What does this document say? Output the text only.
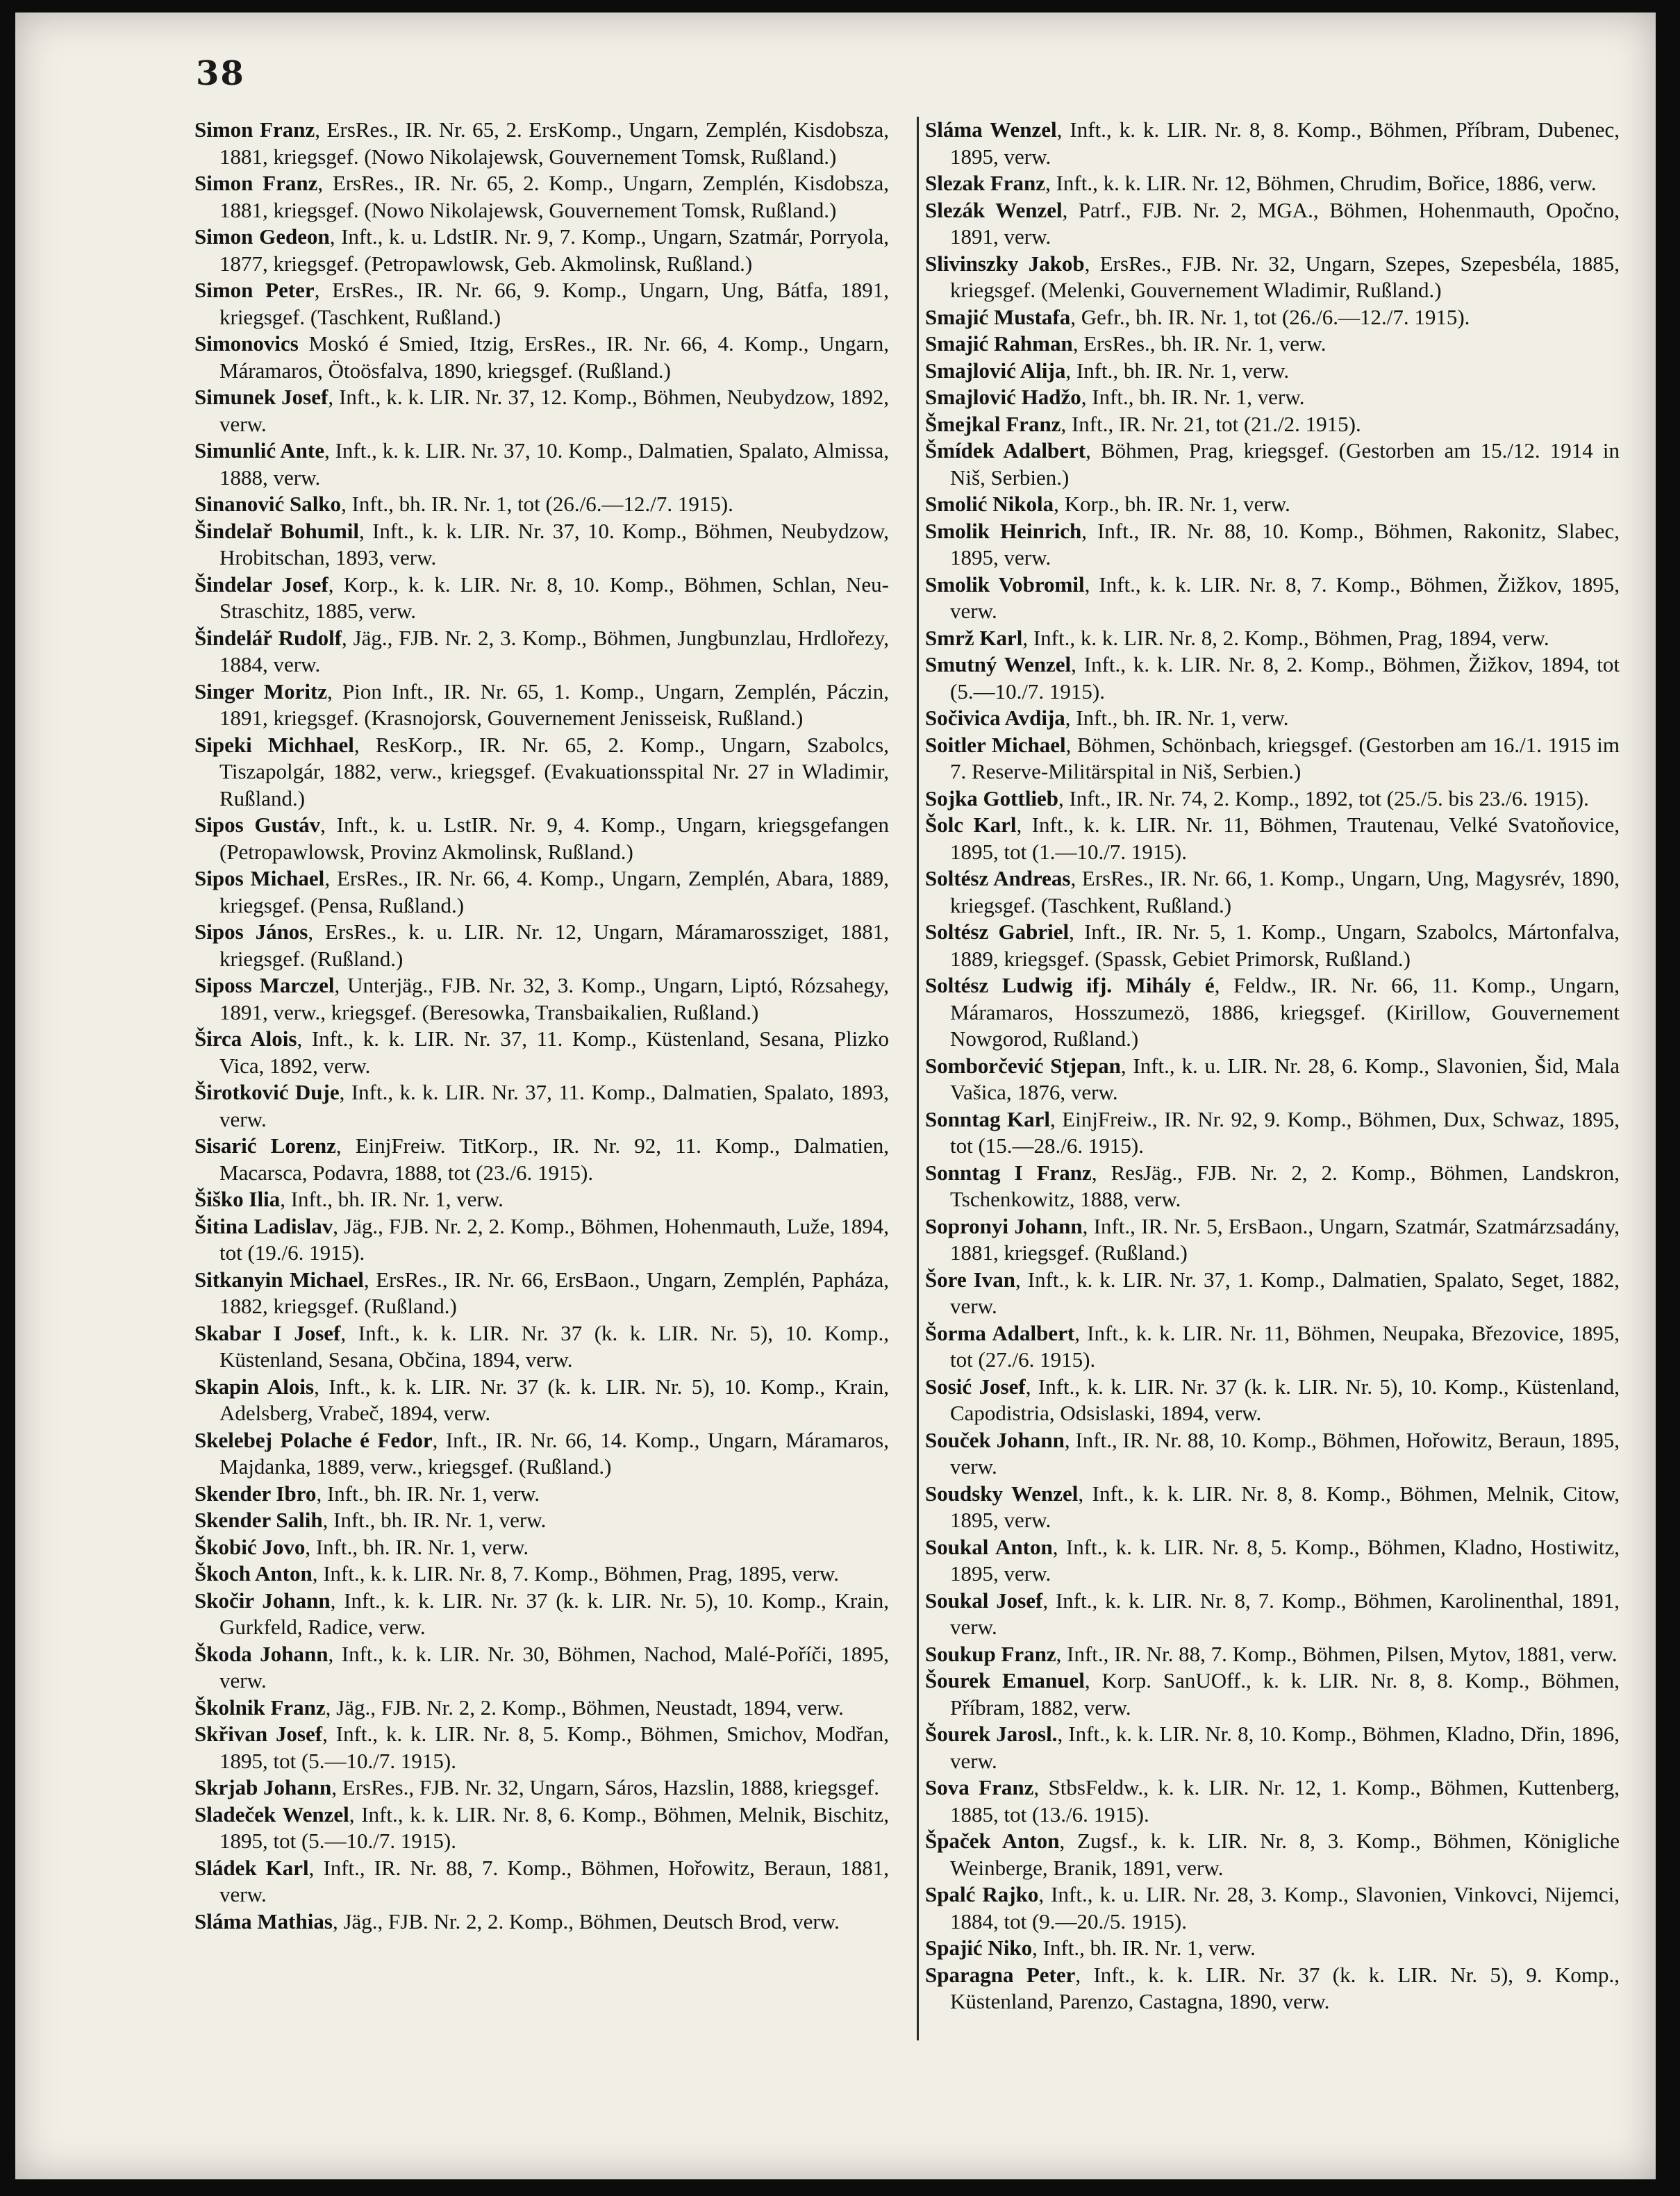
38

Simon Franz, ErsRes., IR. Nr. 65, 2. ErsKomp., Ungarn, Zemplén, Kisdobsza, 1881, kriegsgef. (Nowo Nikolajewsk, Gouvernement Tomsk, Rußland.)

Simon Franz, ErsRes., IR. Nr. 65, 2. Komp., Ungarn, Zemplén, Kisdobsza, 1881, kriegsgef. (Nowo Nikolajewsk, Gouvernement Tomsk, Rußland.)

Simon Gedeon, Inft., k. u. LdstIR. Nr. 9, 7. Komp., Ungarn, Szatmár, Porryola, 1877, kriegsgef. (Petropawlowsk, Geb. Akmolinsk, Rußland.)

Simon Peter, ErsRes., IR. Nr. 66, 9. Komp., Ungarn, Ung, Bátfa, 1891, kriegsgef. (Taschkent, Rußland.)

Simonovics Moskó é Smied, Itzig, ErsRes., IR. Nr. 66, 4. Komp., Ungarn, Máramaros, Ötoösfalva, 1890, kriegsgef. (Rußland.)

Simunek Josef, Inft., k. k. LIR. Nr. 37, 12. Komp., Böhmen, Neubydzow, 1892, verw.

Simunlić Ante, Inft., k. k. LIR. Nr. 37, 10. Komp., Dalmatien, Spalato, Almissa, 1888, verw.

Sinanović Salko, Inft., bh. IR. Nr. 1, tot (26./6.—12./7. 1915).

Šindelař Bohumil, Inft., k. k. LIR. Nr. 37, 10. Komp., Böhmen, Neubydzow, Hrobitschan, 1893, verw.

Šindelar Josef, Korp., k. k. LIR. Nr. 8, 10. Komp., Böhmen, Schlan, Neu-Straschitz, 1885, verw.

Šindelář Rudolf, Jäg., FJB. Nr. 2, 3. Komp., Böhmen, Jungbunzlau, Hrdlořezy, 1884, verw.

Singer Moritz, Pion Inft., IR. Nr. 65, 1. Komp., Ungarn, Zemplén, Páczin, 1891, kriegsgef. (Krasnojorsk, Gouvernement Jenisseisk, Rußland.)

Sipeki Michhael, ResKorp., IR. Nr. 65, 2. Komp., Ungarn, Szabolcs, Tiszapolgár, 1882, verw., kriegsgef. (Evakuationsspital Nr. 27 in Wladimir, Rußland.)

Sipos Gustáv, Inft., k. u. LstIR. Nr. 9, 4. Komp., Ungarn, kriegsgefangen (Petropawlowsk, Provinz Akmolinsk, Rußland.)

Sipos Michael, ErsRes., IR. Nr. 66, 4. Komp., Ungarn, Zemplén, Abara, 1889, kriegsgef. (Pensa, Rußland.)

Sipos János, ErsRes., k. u. LIR. Nr. 12, Ungarn, Máramarossziget, 1881, kriegsgef. (Rußland.)

Siposs Marczel, Unterjäg., FJB. Nr. 32, 3. Komp., Ungarn, Liptó, Rózsahegy, 1891, verw., kriegsgef. (Beresowka, Transbaikalien, Rußland.)

Širca Alois, Inft., k. k. LIR. Nr. 37, 11. Komp., Küstenland, Sesana, Plizko Vica, 1892, verw.

Širotković Duje, Inft., k. k. LIR. Nr. 37, 11. Komp., Dalmatien, Spalato, 1893, verw.

Sisarić Lorenz, EinjFreiw. TitKorp., IR. Nr. 92, 11. Komp., Dalmatien, Macarsca, Podavra, 1888, tot (23./6. 1915).

Šiško Ilia, Inft., bh. IR. Nr. 1, verw.

Šitina Ladislav, Jäg., FJB. Nr. 2, 2. Komp., Böhmen, Hohenmauth, Luže, 1894, tot (19./6. 1915).

Sitkanyin Michael, ErsRes., IR. Nr. 66, ErsBaon., Ungarn, Zemplén, Papháza, 1882, kriegsgef. (Rußland.)

Skabar I Josef, Inft., k. k. LIR. Nr. 37 (k. k. LIR. Nr. 5), 10. Komp., Küstenland, Sesana, Občina, 1894, verw.

Skapin Alois, Inft., k. k. LIR. Nr. 37 (k. k. LIR. Nr. 5), 10. Komp., Krain, Adelsberg, Vrabeč, 1894, verw.

Skelebej Polache é Fedor, Inft., IR. Nr. 66, 14. Komp., Ungarn, Máramaros, Majdanka, 1889, verw., kriegsgef. (Rußland.)

Skender Ibro, Inft., bh. IR. Nr. 1, verw.

Skender Salih, Inft., bh. IR. Nr. 1, verw.

Škobić Jovo, Inft., bh. IR. Nr. 1, verw.

Škoch Anton, Inft., k. k. LIR. Nr. 8, 7. Komp., Böhmen, Prag, 1895, verw.

Skočir Johann, Inft., k. k. LIR. Nr. 37 (k. k. LIR. Nr. 5), 10. Komp., Krain, Gurkfeld, Radice, verw.

Škoda Johann, Inft., k. k. LIR. Nr. 30, Böhmen, Nachod, Malé-Poříči, 1895, verw.

Školnik Franz, Jäg., FJB. Nr. 2, 2. Komp., Böhmen, Neustadt, 1894, verw.

Skřivan Josef, Inft., k. k. LIR. Nr. 8, 5. Komp., Böhmen, Smichov, Modřan, 1895, tot (5.—10./7. 1915).

Skrjab Johann, ErsRes., FJB. Nr. 32, Ungarn, Sáros, Hazslin, 1888, kriegsgef.

Sladeček Wenzel, Inft., k. k. LIR. Nr. 8, 6. Komp., Böhmen, Melnik, Bischitz, 1895, tot (5.—10./7. 1915).

Sládek Karl, Inft., IR. Nr. 88, 7. Komp., Böhmen, Hořowitz, Beraun, 1881, verw.

Sláma Mathias, Jäg., FJB. Nr. 2, 2. Komp., Böhmen, Deutsch Brod, verw.

Sláma Wenzel, Inft., k. k. LIR. Nr. 8, 8. Komp., Böhmen, Příbram, Dubenec, 1895, verw.

Slezak Franz, Inft., k. k. LIR. Nr. 12, Böhmen, Chrudim, Bořice, 1886, verw.

Slezák Wenzel, Patrf., FJB. Nr. 2, MGA., Böhmen, Hohenmauth, Opočno, 1891, verw.

Slivinszky Jakob, ErsRes., FJB. Nr. 32, Ungarn, Szepes, Szepesbéla, 1885, kriegsgef. (Melenki, Gouvernement Wladimir, Rußland.)

Smajić Mustafa, Gefr., bh. IR. Nr. 1, tot (26./6.—12./7. 1915).

Smajić Rahman, ErsRes., bh. IR. Nr. 1, verw.

Smajlović Alija, Inft., bh. IR. Nr. 1, verw.

Smajlović Hadžo, Inft., bh. IR. Nr. 1, verw.

Šmejkal Franz, Inft., IR. Nr. 21, tot (21./2. 1915).

Šmídek Adalbert, Böhmen, Prag, kriegsgef. (Gestorben am 15./12. 1914 in Niš, Serbien.)

Smolić Nikola, Korp., bh. IR. Nr. 1, verw.

Smolik Heinrich, Inft., IR. Nr. 88, 10. Komp., Böhmen, Rakonitz, Slabec, 1895, verw.

Smolik Vobromil, Inft., k. k. LIR. Nr. 8, 7. Komp., Böhmen, Žižkov, 1895, verw.

Smrž Karl, Inft., k. k. LIR. Nr. 8, 2. Komp., Böhmen, Prag, 1894, verw.

Smutný Wenzel, Inft., k. k. LIR. Nr. 8, 2. Komp., Böhmen, Žižkov, 1894, tot (5.—10./7. 1915).

Sočivica Avdija, Inft., bh. IR. Nr. 1, verw.

Soitler Michael, Böhmen, Schönbach, kriegsgef. (Gestorben am 16./1. 1915 im 7. Reserve-Militärspital in Niš, Serbien.)

Sojka Gottlieb, Inft., IR. Nr. 74, 2. Komp., 1892, tot (25./5. bis 23./6. 1915).

Šolc Karl, Inft., k. k. LIR. Nr. 11, Böhmen, Trautenau, Velké Svatoňovice, 1895, tot (1.—10./7. 1915).

Soltész Andreas, ErsRes., IR. Nr. 66, 1. Komp., Ungarn, Ung, Magysrév, 1890, kriegsgef. (Taschkent, Rußland.)

Soltész Gabriel, Inft., IR. Nr. 5, 1. Komp., Ungarn, Szabolcs, Mártonfalva, 1889, kriegsgef. (Spassk, Gebiet Primorsk, Rußland.)

Soltész Ludwig ifj. Mihály é, Feldw., IR. Nr. 66, 11. Komp., Ungarn, Máramaros, Hosszumezö, 1886, kriegsgef. (Kirillow, Gouvernement Nowgorod, Rußland.)

Somborčević Stjepan, Inft., k. u. LIR. Nr. 28, 6. Komp., Slavonien, Šid, Mala Vašica, 1876, verw.

Sonntag Karl, EinjFreiw., IR. Nr. 92, 9. Komp., Böhmen, Dux, Schwaz, 1895, tot (15.—28./6. 1915).

Sonntag I Franz, ResJäg., FJB. Nr. 2, 2. Komp., Böhmen, Landskron, Tschenkowitz, 1888, verw.

Sopronyi Johann, Inft., IR. Nr. 5, ErsBaon., Ungarn, Szatmár, Szatmárzsadány, 1881, kriegsgef. (Rußland.)

Šore Ivan, Inft., k. k. LIR. Nr. 37, 1. Komp., Dalmatien, Spalato, Seget, 1882, verw.

Šorma Adalbert, Inft., k. k. LIR. Nr. 11, Böhmen, Neupaka, Březovice, 1895, tot (27./6. 1915).

Sosić Josef, Inft., k. k. LIR. Nr. 37 (k. k. LIR. Nr. 5), 10. Komp., Küstenland, Capodistria, Odsislaski, 1894, verw.

Souček Johann, Inft., IR. Nr. 88, 10. Komp., Böhmen, Hořowitz, Beraun, 1895, verw.

Soudsky Wenzel, Inft., k. k. LIR. Nr. 8, 8. Komp., Böhmen, Melnik, Citow, 1895, verw.

Soukal Anton, Inft., k. k. LIR. Nr. 8, 5. Komp., Böhmen, Kladno, Hostiwitz, 1895, verw.

Soukal Josef, Inft., k. k. LIR. Nr. 8, 7. Komp., Böhmen, Karolinenthal, 1891, verw.

Soukup Franz, Inft., IR. Nr. 88, 7. Komp., Böhmen, Pilsen, Mytov, 1881, verw.

Šourek Emanuel, Korp. SanUOff., k. k. LIR. Nr. 8, 8. Komp., Böhmen, Příbram, 1882, verw.

Šourek Jarosl., Inft., k. k. LIR. Nr. 8, 10. Komp., Böhmen, Kladno, Dřin, 1896, verw.

Sova Franz, StbsFeldw., k. k. LIR. Nr. 12, 1. Komp., Böhmen, Kuttenberg, 1885, tot (13./6. 1915).

Špaček Anton, Zugsf., k. k. LIR. Nr. 8, 3. Komp., Böhmen, Königliche Weinberge, Branik, 1891, verw.

Spalć Rajko, Inft., k. u. LIR. Nr. 28, 3. Komp., Slavonien, Vinkovci, Nijemci, 1884, tot (9.—20./5. 1915).

Spajić Niko, Inft., bh. IR. Nr. 1, verw.

Sparagna Peter, Inft., k. k. LIR. Nr. 37 (k. k. LIR. Nr. 5), 9. Komp., Küstenland, Parenzo, Castagna, 1890, verw.
